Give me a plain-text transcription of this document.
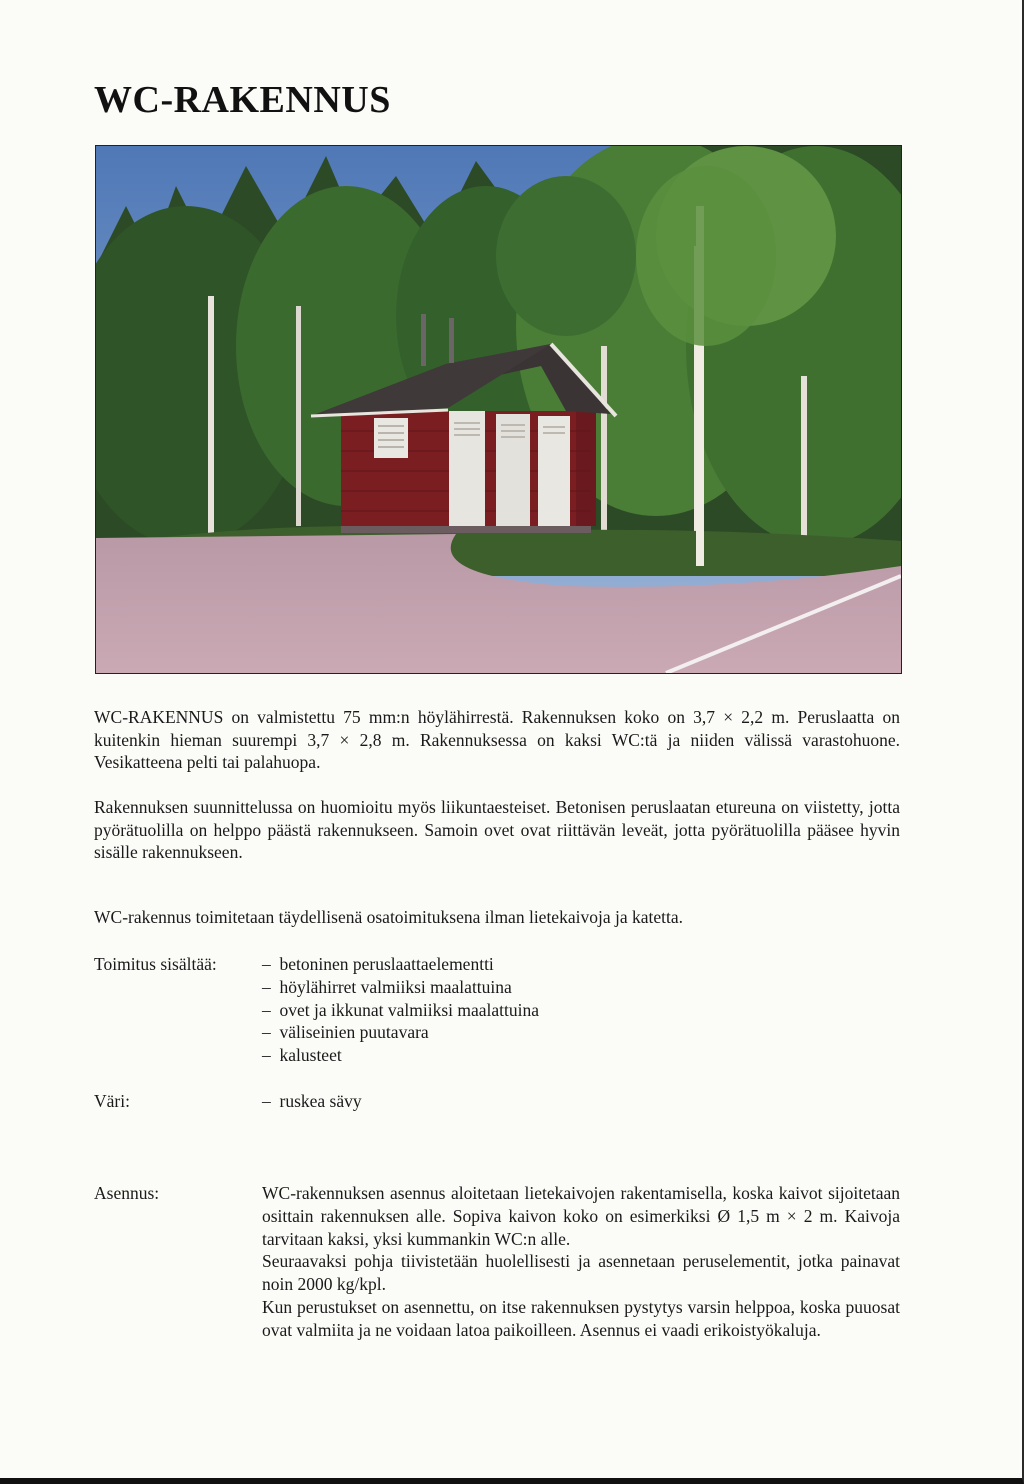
WC-RAKENNUS

WC-RAKENNUS on valmistettu 75 mm:n höylähirrestä. Rakennuksen koko on 3,7 × 2,2 m. Peruslaatta on kuitenkin hieman suurempi 3,7 × 2,8 m. Rakennuksessa on kaksi WC:tä ja niiden välissä varastohuone. Vesikatteena pelti tai palahuopa.

Rakennuksen suunnittelussa on huomioitu myös liikuntaesteiset. Betonisen peruslaatan etureuna on viistetty, jotta pyörätuolilla on helppo päästä rakennukseen. Samoin ovet ovat riittävän leveät, jotta pyörätuolilla pääsee hyvin sisälle rakennukseen.

WC-rakennus toimitetaan täydellisenä osatoimituksena ilman lietekaivoja ja katetta.

Toimitus sisältää:	–  betoninen peruslaattaelementti
–  höylähirret valmiiksi maalattuina
–  ovet ja ikkunat valmiiksi maalattuina
–  väliseinien puutavara
–  kalusteet

Väri:	–  ruskea sävy

Asennus:	WC-rakennuksen asennus aloitetaan lietekaivojen rakentamisella, koska kaivot sijoitetaan osittain rakennuksen alle. Sopiva kaivon koko on esimerkiksi Ø 1,5 m × 2 m. Kaivoja tarvitaan kaksi, yksi kummankin WC:n alle.
Seuraavaksi pohja tiivistetään huolellisesti ja asennetaan peruselementit, jotka painavat noin 2000 kg/kpl.
Kun perustukset on asennettu, on itse rakennuksen pystytys varsin helppoa, koska puuosat ovat valmiita ja ne voidaan latoa paikoilleen. Asennus ei vaadi erikoistyökaluja.
